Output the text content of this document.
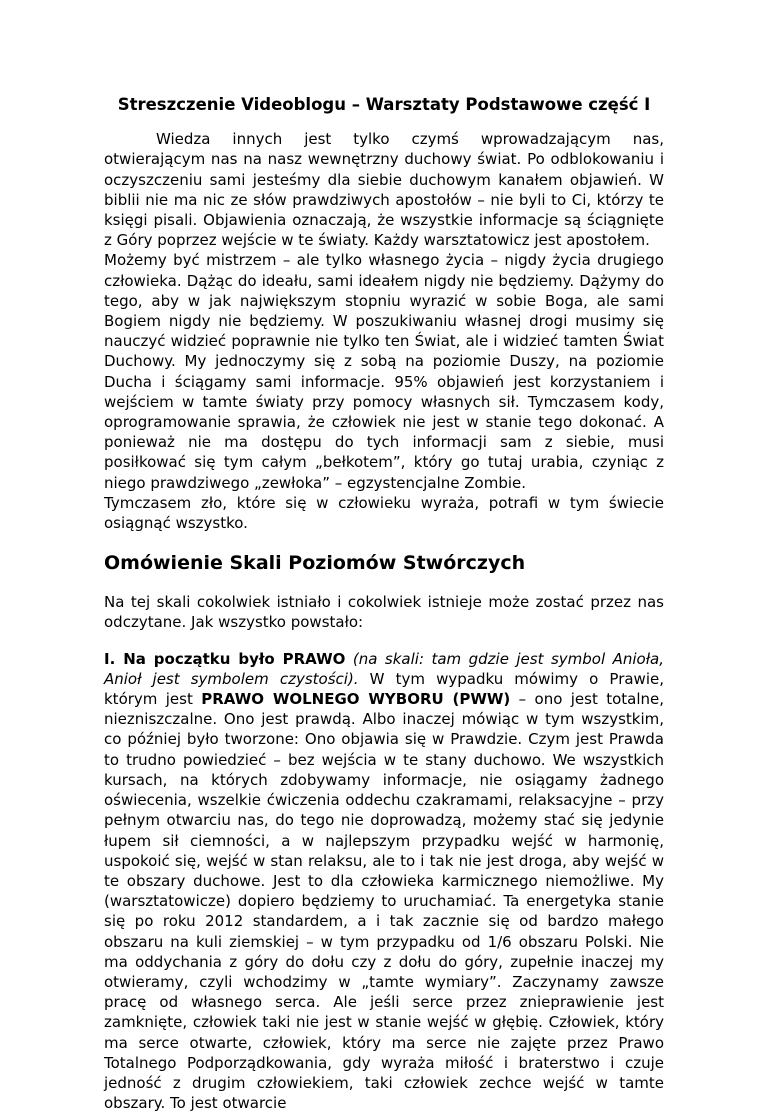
Streszczenie Videoblogu – Warsztaty Podstawowe część I

Wiedza innych jest tylko czymś wprowadzającym nas, otwierającym nas na nasz wewnętrzny duchowy świat. Po odblokowaniu i oczyszczeniu sami jesteśmy dla siebie duchowym kanałem objawień. W biblii nie ma nic ze słów prawdziwych apostołów – nie byli to Ci, którzy te księgi pisali. Objawienia oznaczają, że wszystkie informacje są ściągnięte z Góry poprzez wejście w te światy. Każdy warsztatowicz jest apostołem.

Możemy być mistrzem – ale tylko własnego życia – nigdy życia drugiego człowieka. Dążąc do ideału, sami ideałem nigdy nie będziemy. Dążymy do tego, aby w jak największym stopniu wyrazić w sobie Boga, ale sami Bogiem nigdy nie będziemy. W poszukiwaniu własnej drogi musimy się nauczyć widzieć poprawnie nie tylko ten Świat, ale i widzieć tamten Świat Duchowy. My jednoczymy się z sobą na poziomie Duszy, na poziomie Ducha i ściągamy sami informacje. 95% objawień jest korzystaniem i wejściem w tamte światy przy pomocy własnych sił. Tymczasem kody, oprogramowanie sprawia, że człowiek nie jest w stanie tego dokonać. A ponieważ nie ma dostępu do tych informacji sam z siebie, musi posiłkować się tym całym „bełkotem”, który go tutaj urabia, czyniąc z niego prawdziwego „zewłoka” – egzystencjalne Zombie.

Tymczasem zło, które się w człowieku wyraża, potrafi w tym świecie osiągnąć wszystko.

Omówienie Skali Poziomów Stwórczych

Na tej skali cokolwiek istniało i cokolwiek istnieje może zostać przez nas odczytane. Jak wszystko powstało:

I. Na początku było PRAWO (na skali: tam gdzie jest symbol Anioła, Anioł jest symbolem czystości). W tym wypadku mówimy o Prawie, którym jest PRAWO WOLNEGO WYBORU (PWW) – ono jest totalne, niezniszczalne. Ono jest prawdą. Albo inaczej mówiąc w tym wszystkim, co później było tworzone: Ono objawia się w Prawdzie. Czym jest Prawda to trudno powiedzieć – bez wejścia w te stany duchowo. We wszystkich kursach, na których zdobywamy informacje, nie osiągamy żadnego oświecenia, wszelkie ćwiczenia oddechu czakramami, relaksacyjne – przy pełnym otwarciu nas, do tego nie doprowadzą, możemy stać się jedynie łupem sił ciemności, a w najlepszym przypadku wejść w harmonię, uspokoić się, wejść w stan relaksu, ale to i tak nie jest droga, aby wejść w te obszary duchowe. Jest to dla człowieka karmicznego niemożliwe. My (warsztatowicze) dopiero będziemy to uruchamiać. Ta energetyka stanie się po roku 2012 standardem, a i tak zacznie się od bardzo małego obszaru na kuli ziemskiej – w tym przypadku od 1/6 obszaru Polski. Nie ma oddychania z góry do dołu czy z dołu do góry, zupełnie inaczej my otwieramy, czyli wchodzimy w „tamte wymiary”. Zaczynamy zawsze pracę od własnego serca. Ale jeśli serce przez znieprawienie jest zamknięte, człowiek taki nie jest w stanie wejść w głębię. Człowiek, który ma serce otwarte, człowiek, który ma serce nie zajęte przez Prawo Totalnego Podporządkowania, gdy wyraża miłość i braterstwo i czuje jedność z drugim człowiekiem, taki człowiek zechce wejść w tamte obszary. To jest otwarcie
